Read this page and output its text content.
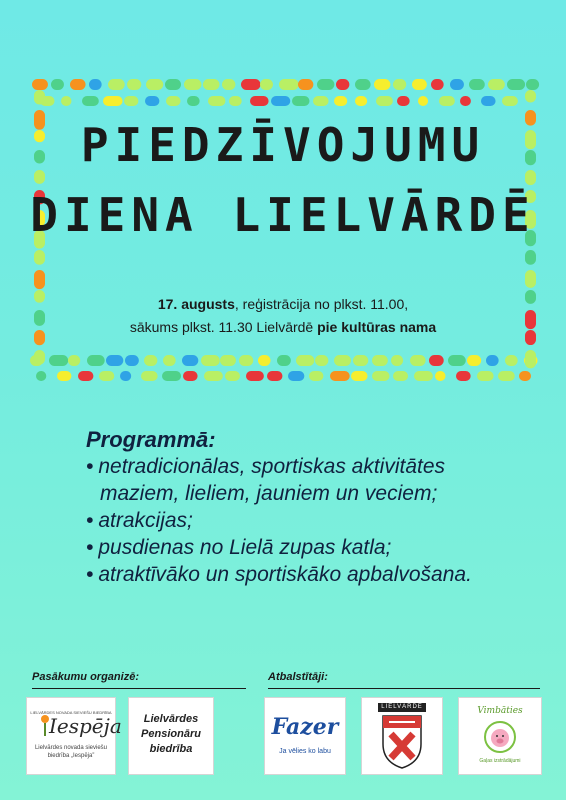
PIEDZĪVOJUMU
DIENA LIELVĀRDĒ
17. augusts, reģistrācija no plkst. 11.00,
sākums plkst. 11.30 Lielvārdē pie kultūras nama
Programmā:
• netradicionālas, sportiskas aktivitātes
maziem, lieliem, jauniem un veciem;
• atrakcijas;
• pusdienas no Lielā zupas katla;
• atraktīvāko un sportiskāko apbalvošana.
Pasākumu organizē:	Atbalstītāji:
LIELVĀRDES NOVADA SIEVIEŠU BIEDRĪBA
Iespēja
Lielvārdes novada sieviešu biedrība „Iespēja”
Lielvārdes
Pensionāru
biedrība
Fazer
Ja vēlies ko labu
LIELVĀRDE	Vimbāties
Gaļas izstrādājumi
